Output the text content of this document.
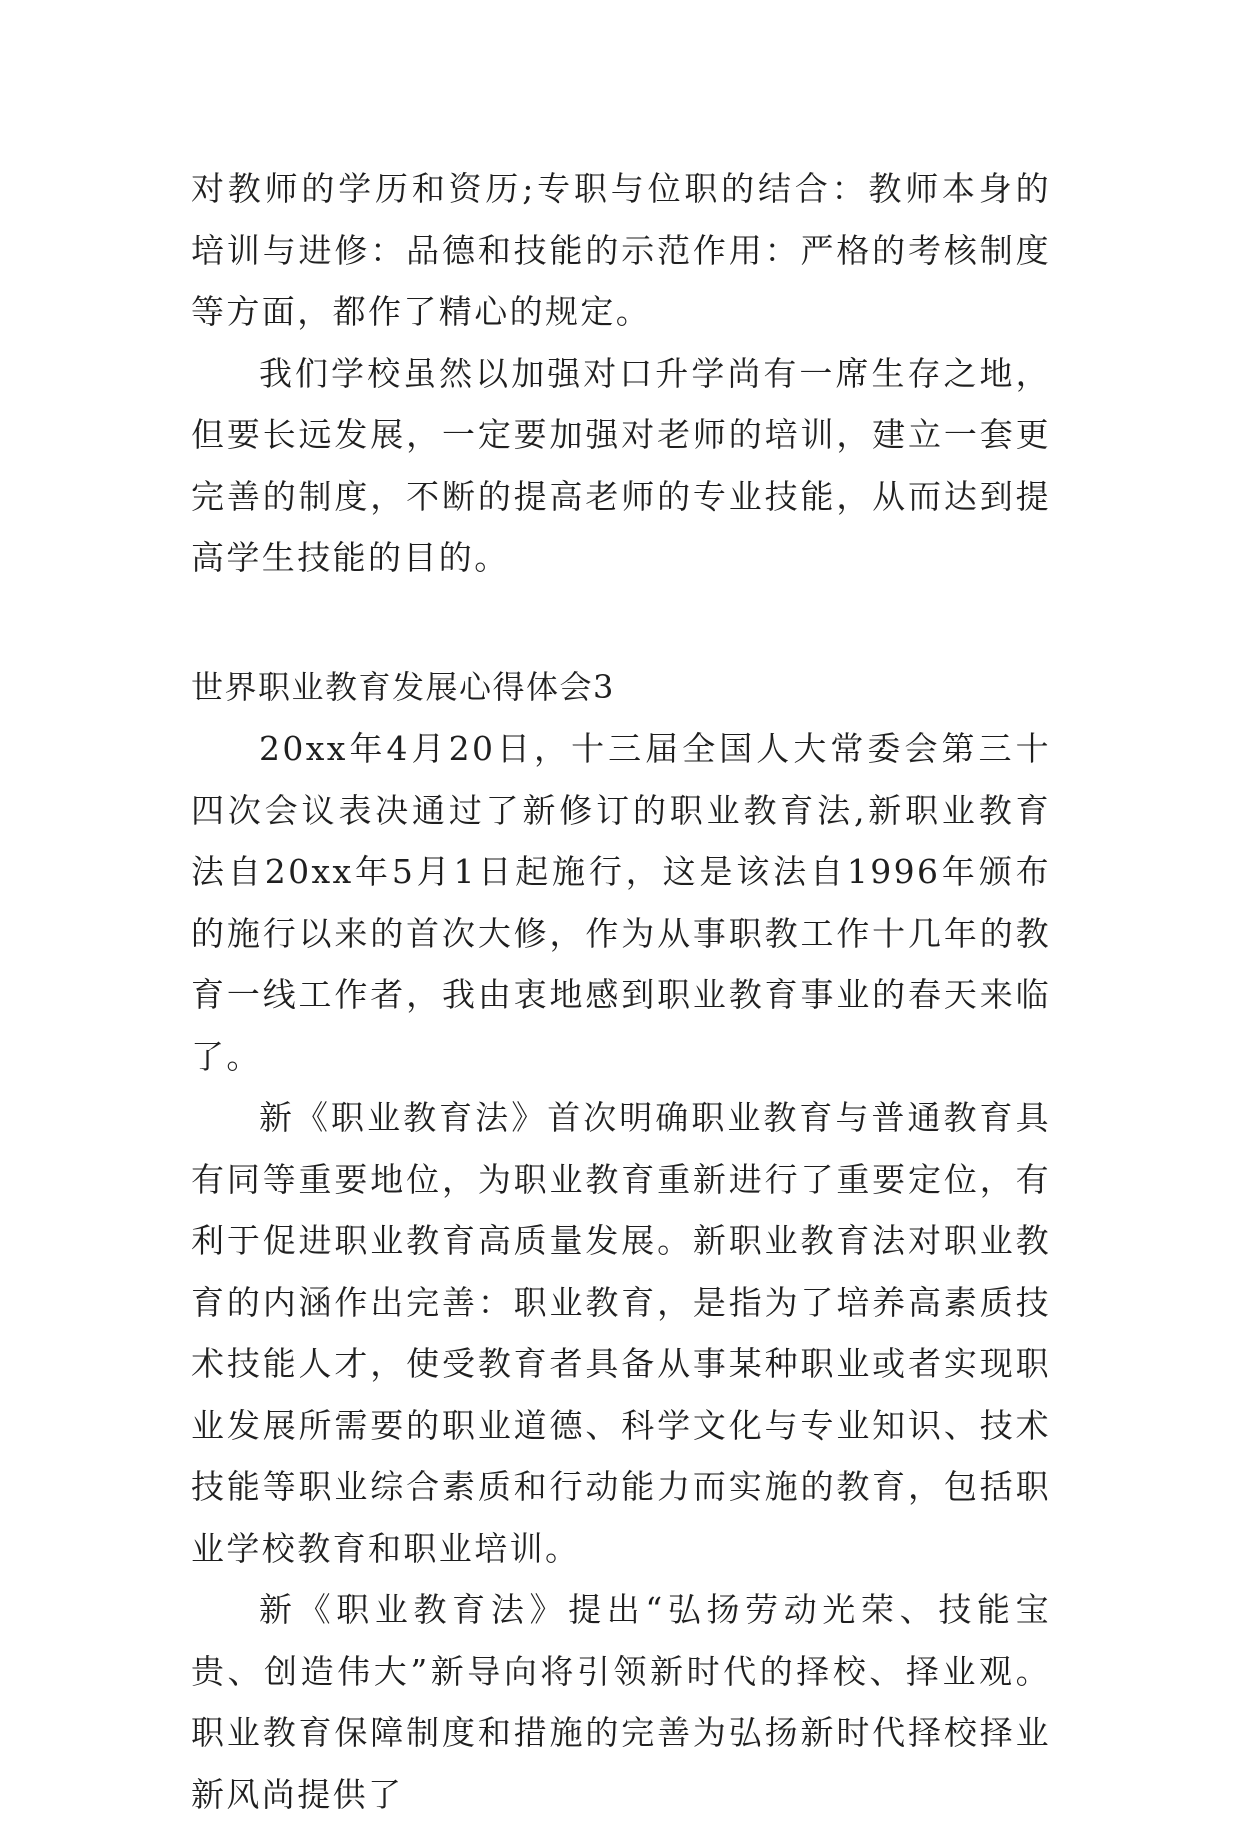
对教师的学历和资历;专职与位职的结合：教师本身的培训与进修：品德和技能的示范作用：严格的考核制度等方面，都作了精心的规定。

我们学校虽然以加强对口升学尚有一席生存之地，但要长远发展，一定要加强对老师的培训，建立一套更完善的制度，不断的提高老师的专业技能，从而达到提高学生技能的目的。

世界职业教育发展心得体会3

20xx年4月20日，十三届全国人大常委会第三十四次会议表决通过了新修订的职业教育法,新职业教育法自20xx年5月1日起施行，这是该法自1996年颁布的施行以来的首次大修，作为从事职教工作十几年的教育一线工作者，我由衷地感到职业教育事业的春天来临了。

新《职业教育法》首次明确职业教育与普通教育具有同等重要地位，为职业教育重新进行了重要定位，有利于促进职业教育高质量发展。新职业教育法对职业教育的内涵作出完善：职业教育，是指为了培养高素质技术技能人才，使受教育者具备从事某种职业或者实现职业发展所需要的职业道德、科学文化与专业知识、技术技能等职业综合素质和行动能力而实施的教育，包括职业学校教育和职业培训。

新《职业教育法》提出“弘扬劳动光荣、技能宝贵、创造伟大”新导向将引领新时代的择校、择业观。职业教育保障制度和措施的完善为弘扬新时代择校择业新风尚提供了
